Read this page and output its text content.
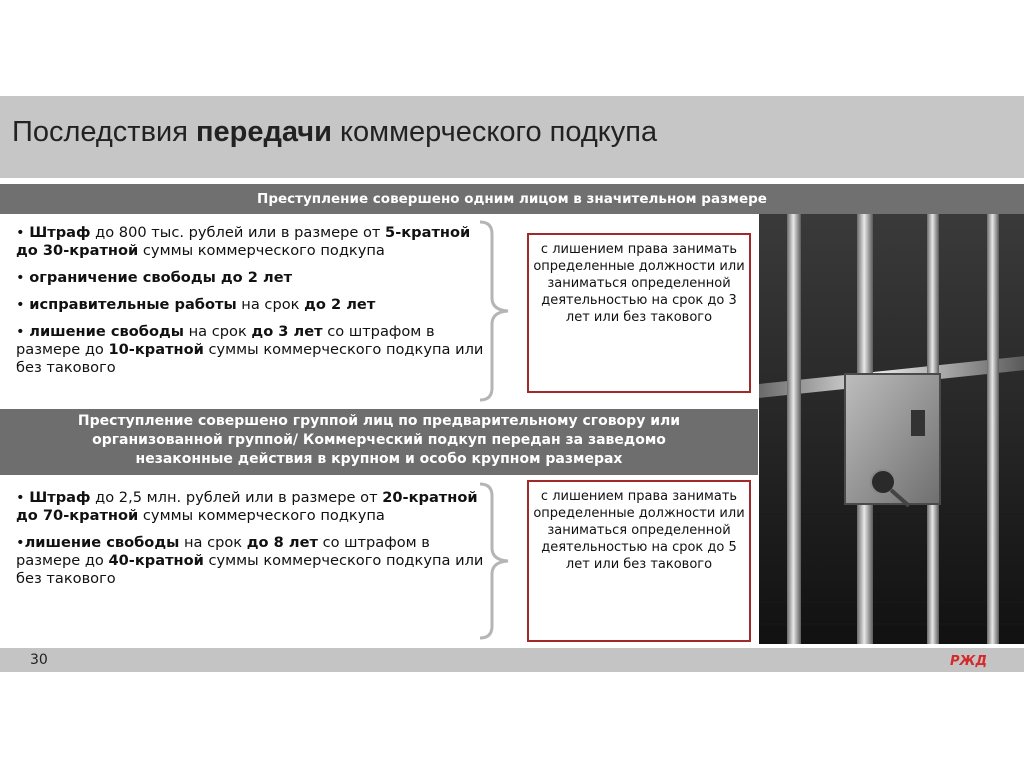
Последствия передачи коммерческого подкупа
Преступление совершено одним лицом в значительном размере

• Штраф до 800 тыс. рублей или в размере от 5-кратной до 30-кратной суммы коммерческого подкупа

• ограничение свободы до 2 лет

• исправительные работы на срок до 2 лет

• лишение свободы на срок до 3 лет со штрафом в размере до 10-кратной суммы коммерческого подкупа или без такового

с лишением права занимать определенные должности или заниматься определенной деятельностью на срок до 3 лет или без такового
Преступление совершено группой лиц по предварительному сговору или
организованной группой/ Коммерческий подкуп передан за заведомо
незаконные действия в крупном и особо крупном размерах

• Штраф до 2,5 млн. рублей или в размере от 20-кратной до 70-кратной суммы коммерческого подкупа

•лишение свободы на срок до 8 лет со штрафом в размере до 40-кратной суммы коммерческого подкупа или без такового

с лишением права занимать определенные должности или заниматься определенной деятельностью на срок до 5 лет или без такового
30	РЖД
